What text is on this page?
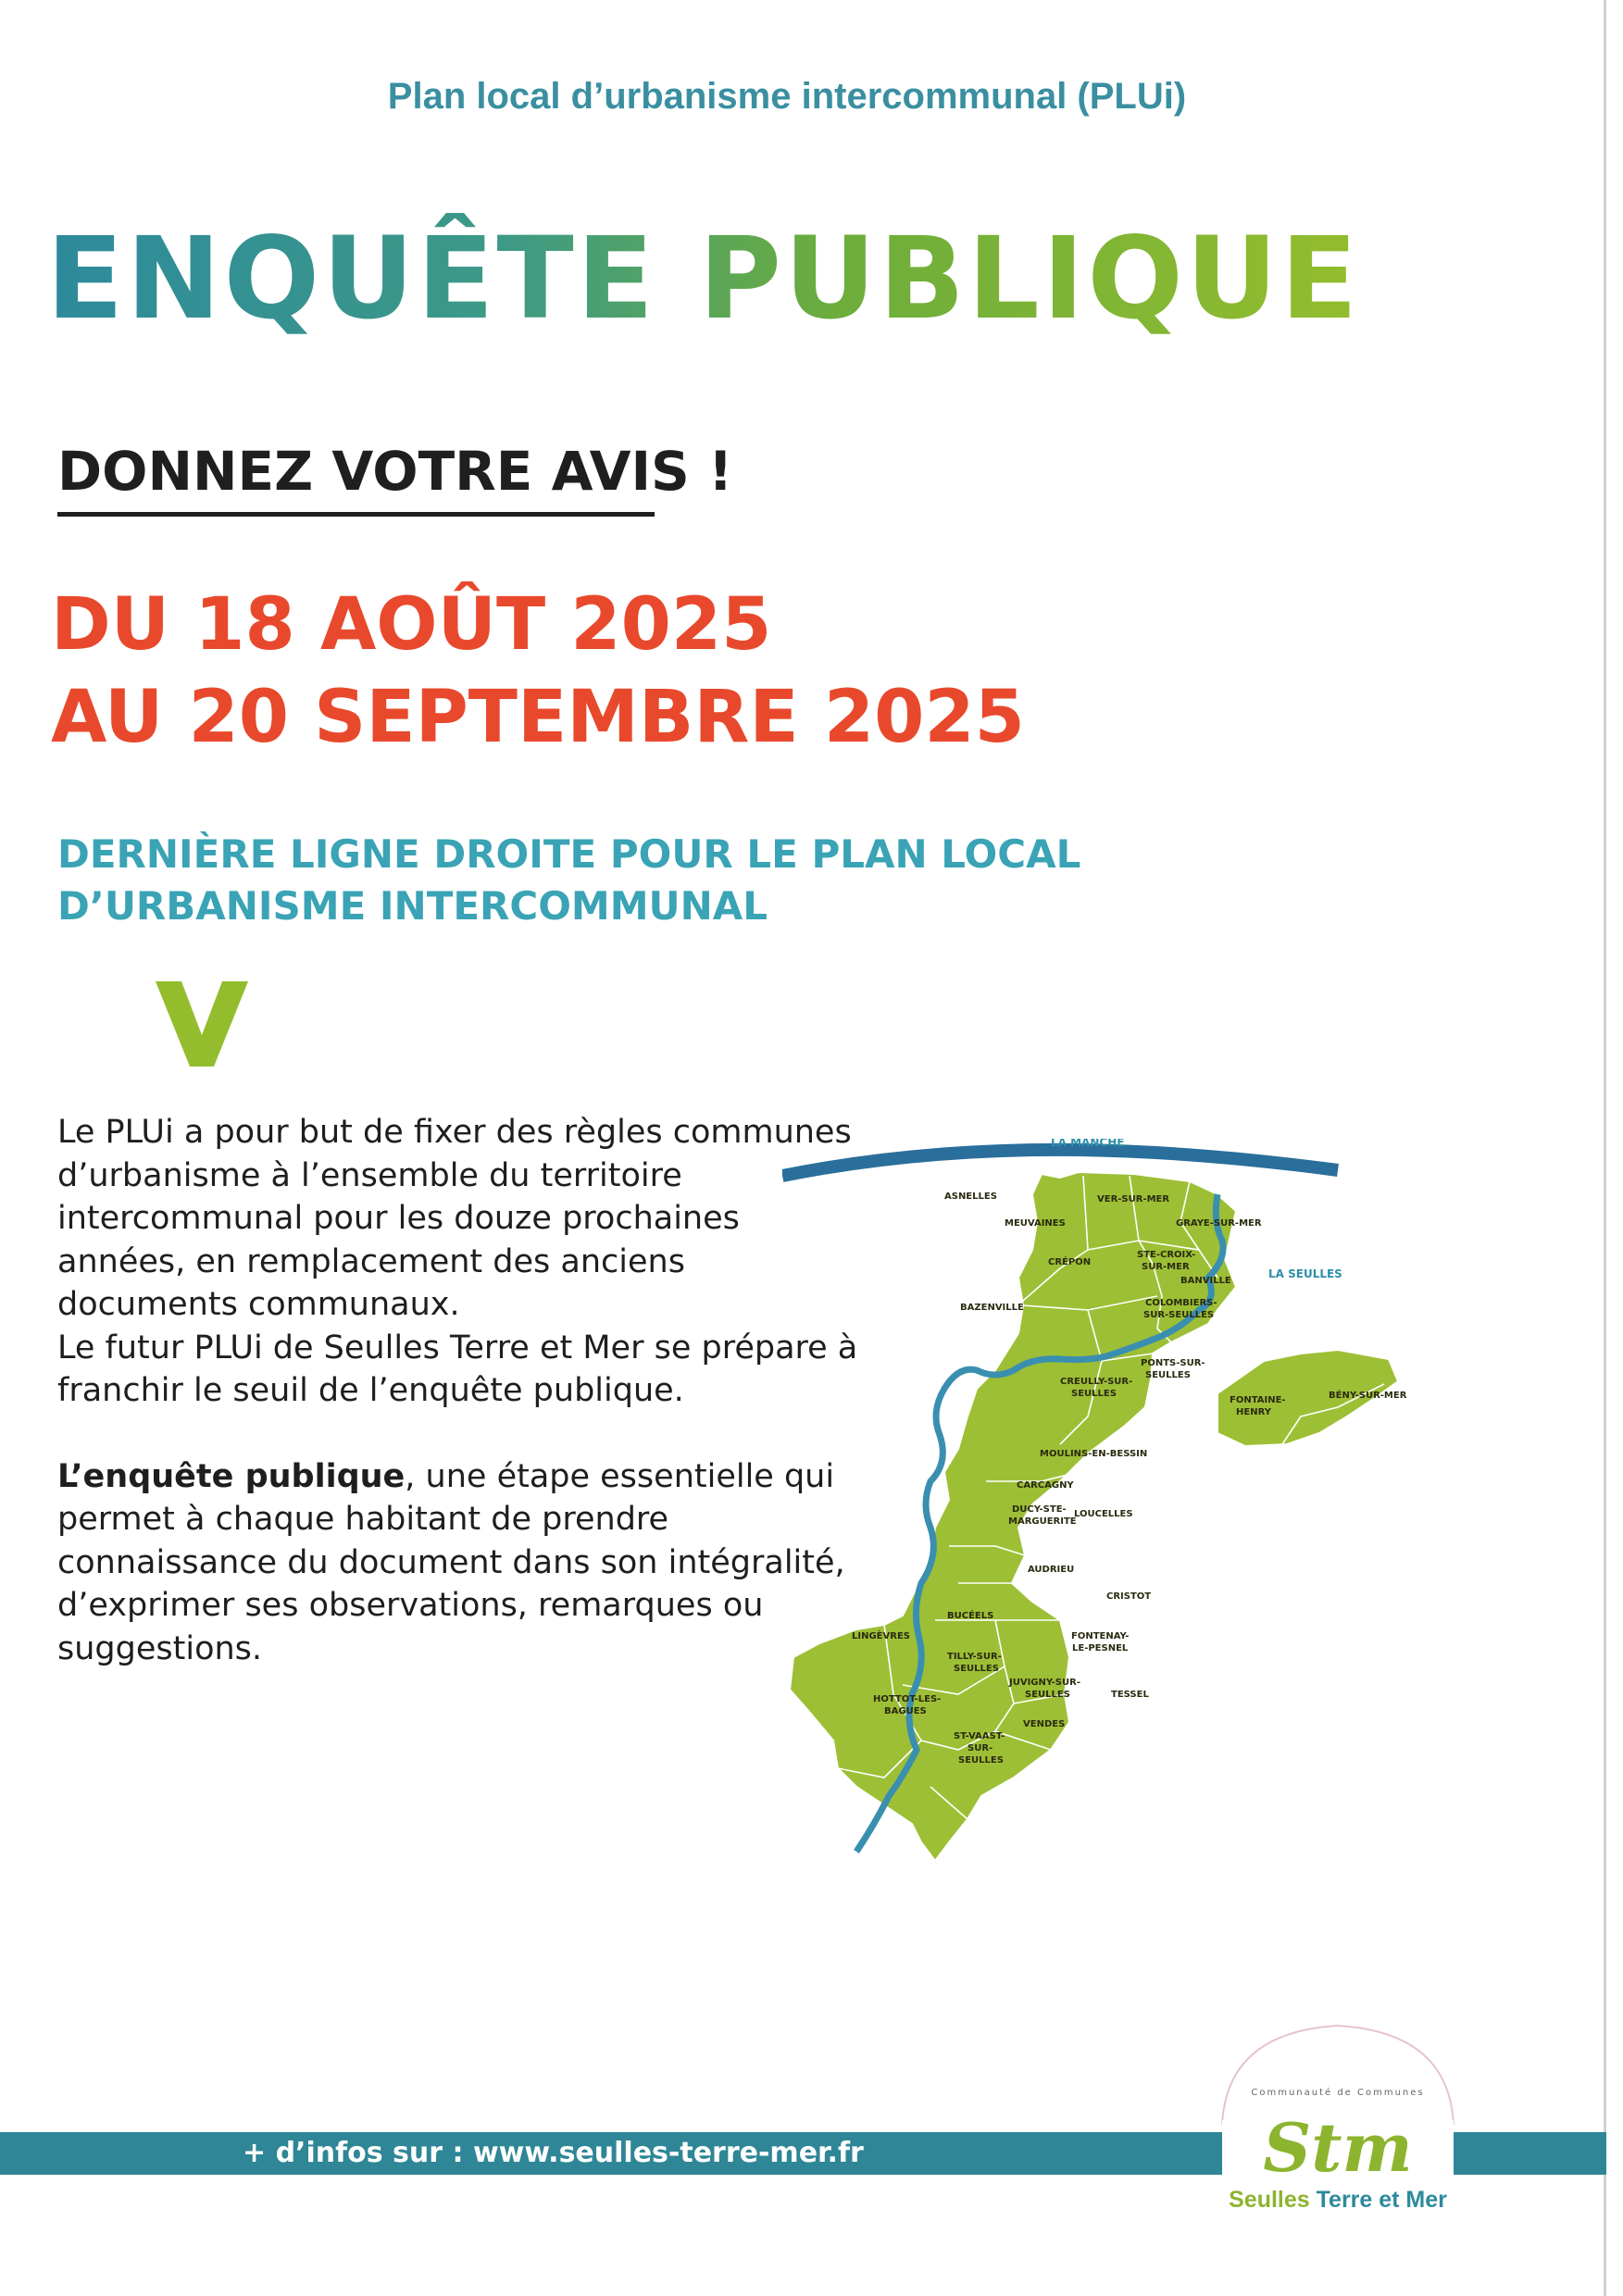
Plan local d’urbanisme intercommunal (PLUi)
ENQUÊTE PUBLIQUE
DONNEZ VOTRE AVIS !
DU 18 AOÛT 2025
AU 20 SEPTEMBRE 2025
DERNIÈRE LIGNE DROITE POUR LE PLAN LOCAL
D’URBANISME INTERCOMMUNAL

Le PLUi a pour but de fixer des règles communes d’urbanisme à l’ensemble du territoire intercommunal pour les douze prochaines années, en remplacement des anciens documents communaux.
Le futur PLUi de Seulles Terre et Mer se prépare à franchir le seuil de l’enquête publique.

L’enquête publique, une étape essentielle qui permet à chaque habitant de prendre connaissance du document dans son intégralité, d’exprimer ses observations, remarques ou suggestions.

LA MANCHE
LA SEULLES
ASNELLES
MEUVAINES
VER-SUR-MER
GRAYE-SUR-MER
CRÉPON
STE-CROIX-
SUR-MER
BANVILLE
BAZENVILLE	COLOMBIERS-
SUR-SEULLES
BÉNY-SUR-MER
CREULLY-SUR-
SEULLES
PONTS-SUR-
SEULLES
FONTAINE-
HENRY
MOULINS-EN-BESSIN
CARCAGNY
DUCY-STE-
MARGUERITE
LOUCELLES
AUDRIEU
CRISTOT
BUCÉELS
LINGÈVRES
TILLY-SUR-
SEULLES
FONTENAY-
LE-PESNEL
JUVIGNY-SUR-
SEULLES	TESSEL
HOTTOT-LES-
BAGUES
VENDES
ST-VAAST-
SUR-
SEULLES
+ d’infos sur : www.seulles-terre-mer.fr	Stm
Communauté de Communes
Seulles Terre et Mer
